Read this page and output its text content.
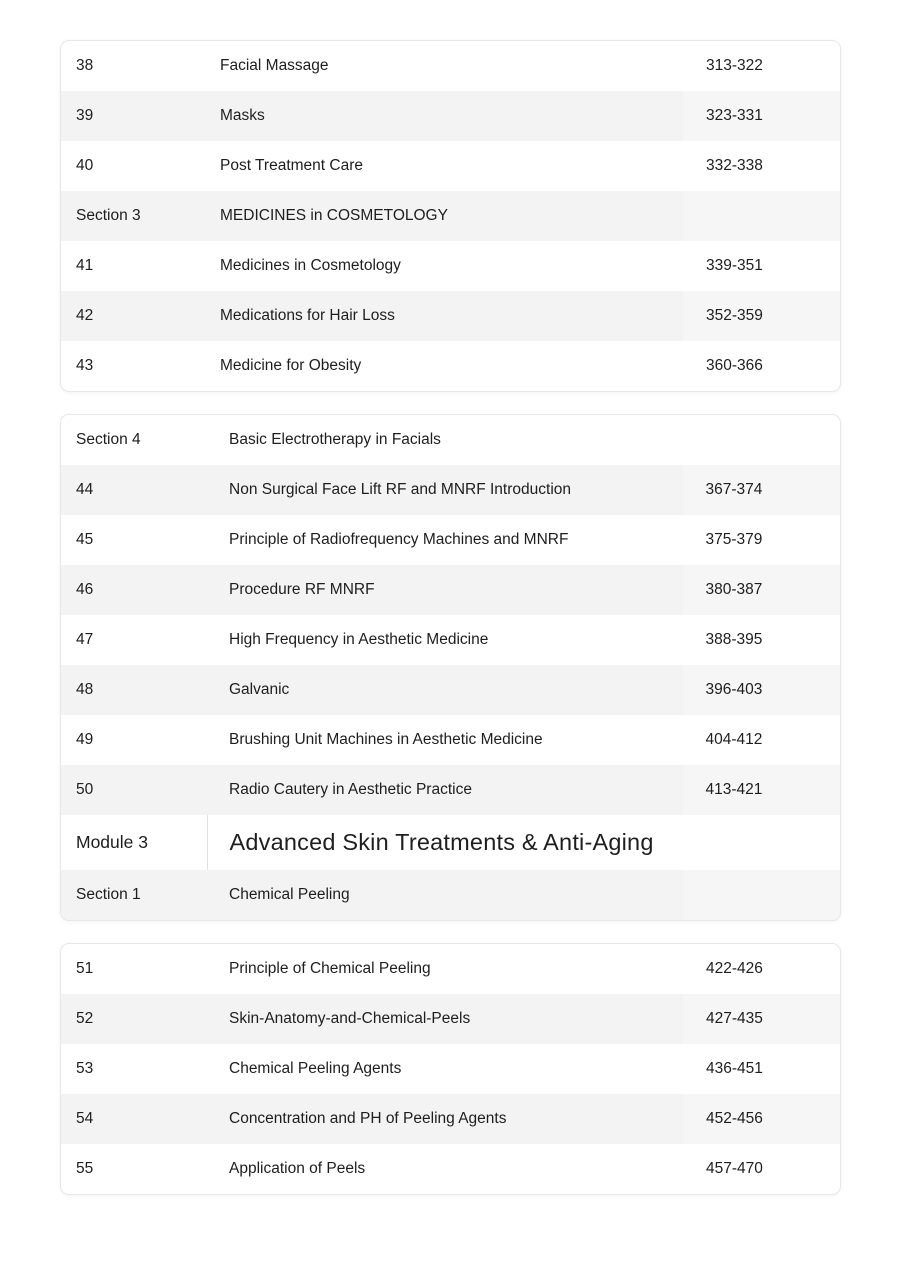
38	Facial Massage	313-322
39	Masks	323-331
40	Post Treatment Care	332-338
Section 3	MEDICINES in COSMETOLOGY	
41	Medicines in Cosmetology	339-351
42	Medications for Hair Loss	352-359
43	Medicine for Obesity	360-366
Section 4	Basic Electrotherapy in Facials	
44	Non Surgical Face Lift RF and MNRF Introduction	367-374
45	Principle of Radiofrequency Machines and MNRF	375-379
46	Procedure RF MNRF	380-387
47	High Frequency in Aesthetic Medicine	388-395
48	Galvanic	396-403
49	Brushing Unit Machines in Aesthetic Medicine	404-412
50	Radio Cautery in Aesthetic Practice	413-421
Module 3	Advanced Skin Treatments & Anti-Aging	
Section 1	Chemical Peeling	
51	Principle of Chemical Peeling	422-426
52	Skin-Anatomy-and-Chemical-Peels	427-435
53	Chemical Peeling Agents	436-451
54	Concentration and PH of Peeling Agents	452-456
55	Application of Peels	457-470
